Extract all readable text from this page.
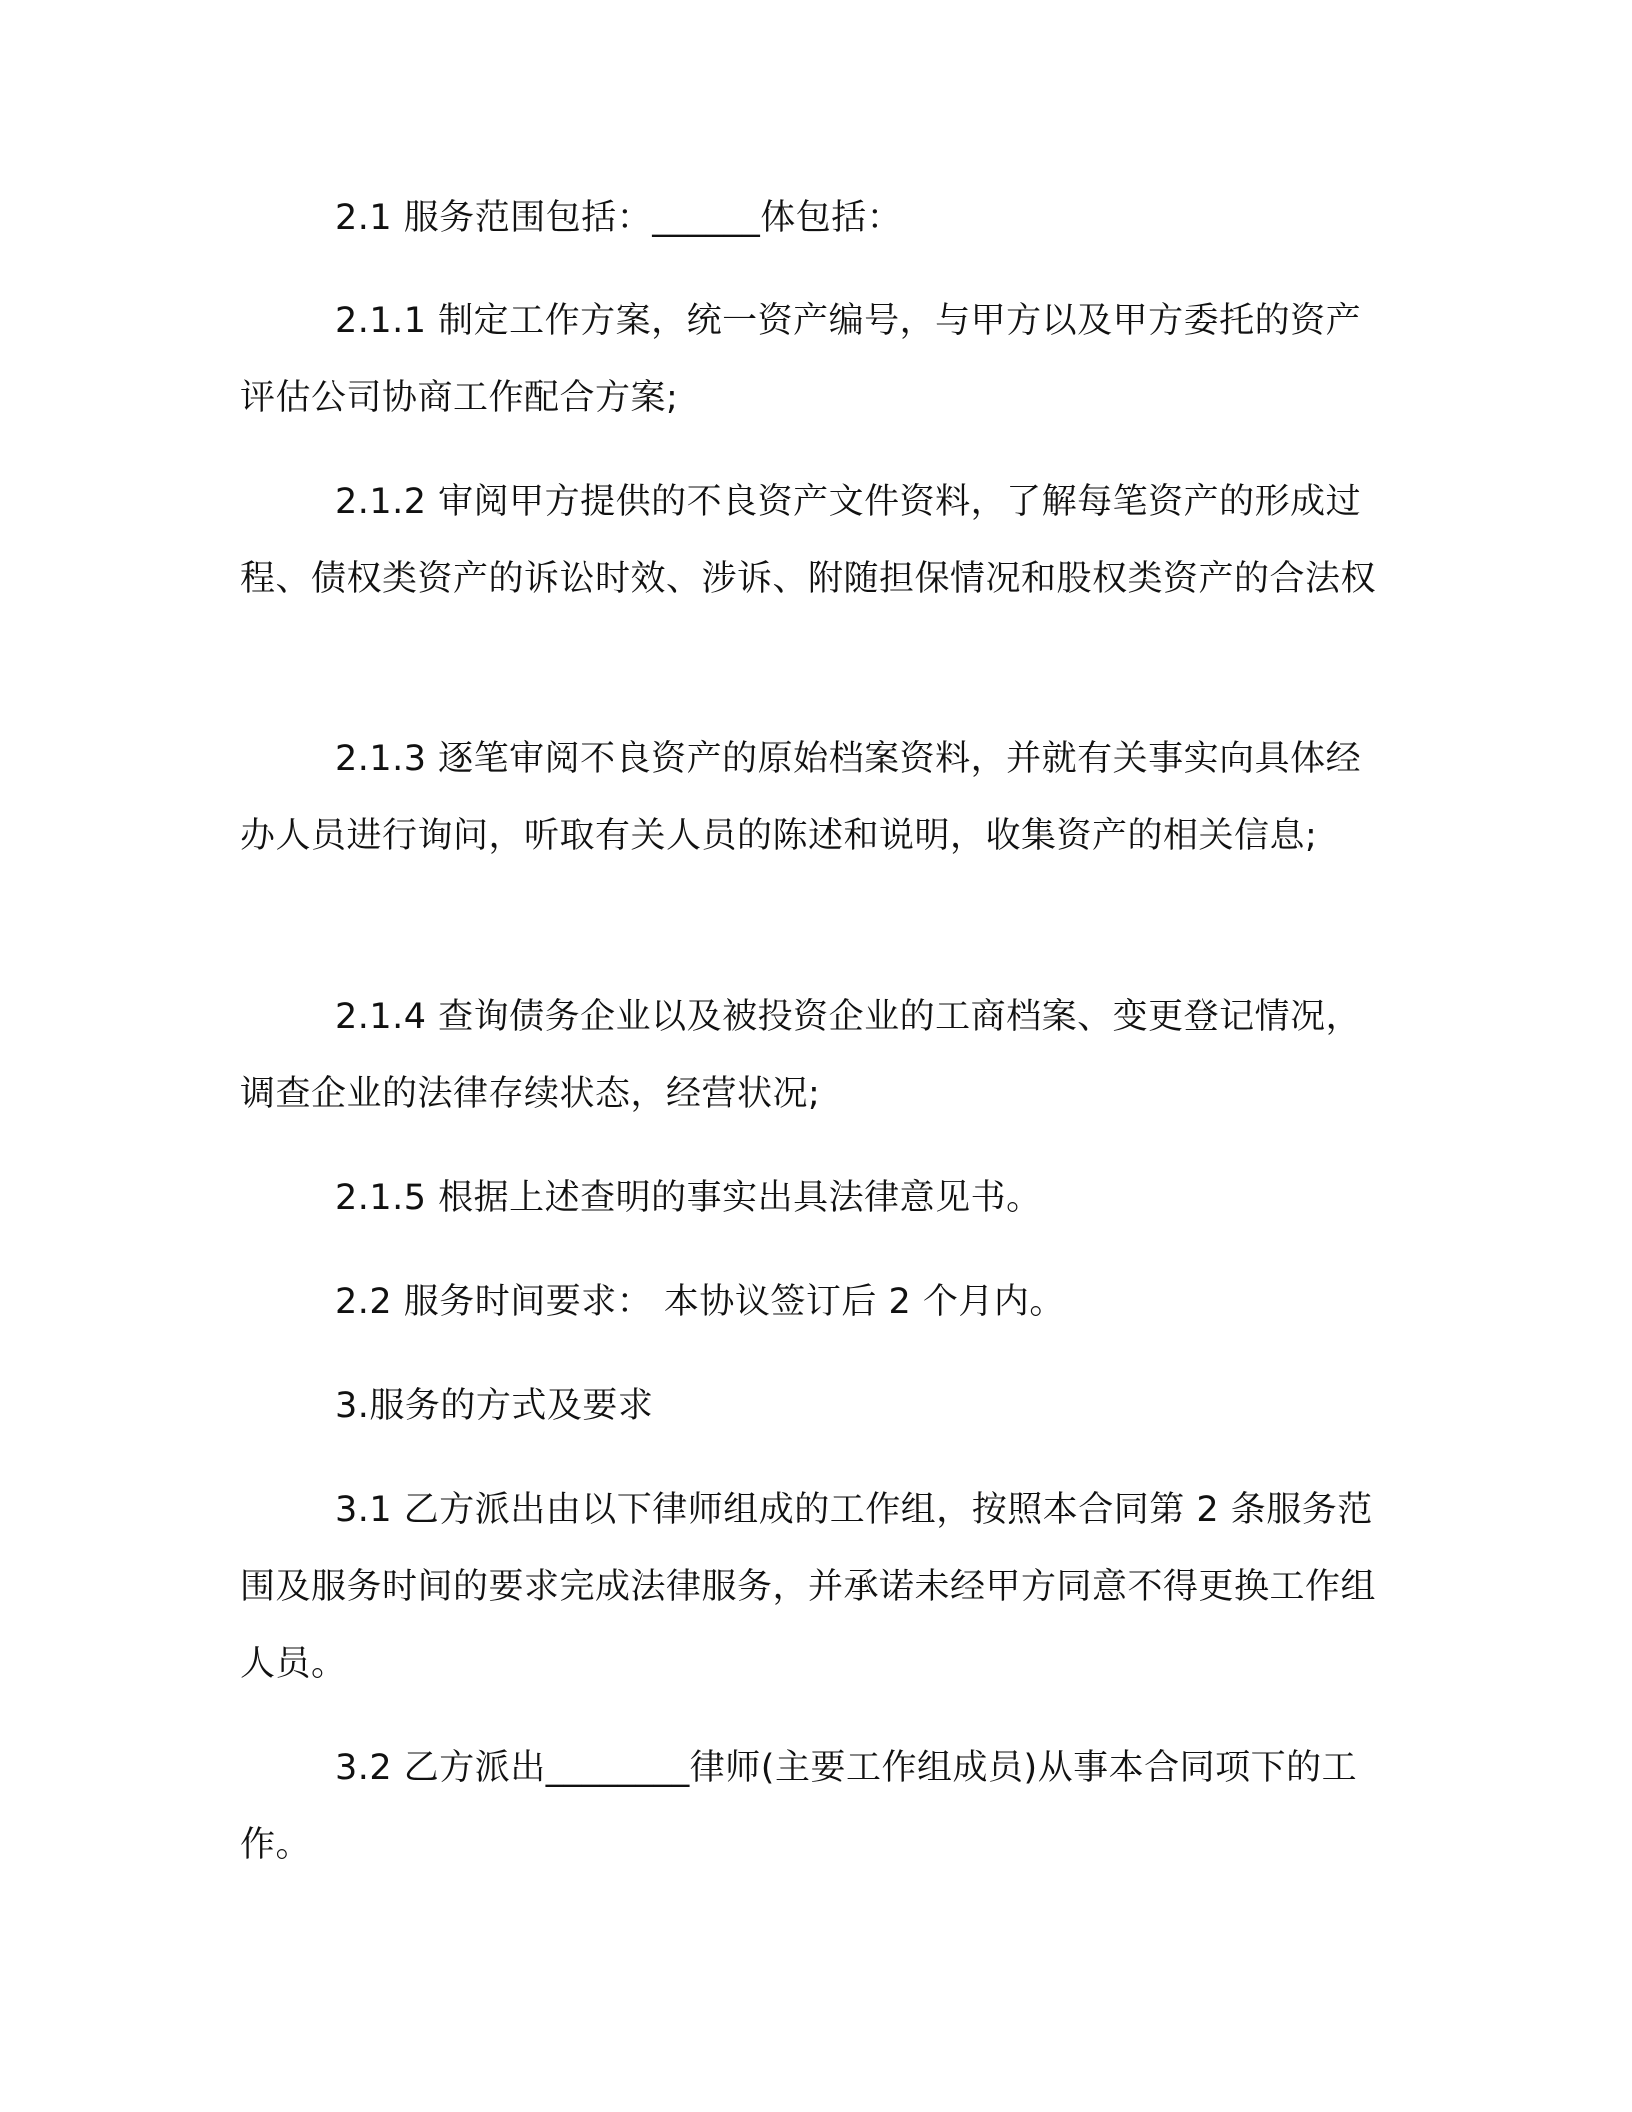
2.1 服务范围包括：______体包括：

2.1.1 制定工作方案，统一资产编号，与甲方以及甲方委托的资产评估公司协商工作配合方案;

2.1.2 审阅甲方提供的不良资产文件资料，了解每笔资产的形成过程、债权类资产的诉讼时效、涉诉、附随担保情况和股权类资产的合法权

2.1.3 逐笔审阅不良资产的原始档案资料，并就有关事实向具体经办人员进行询问，听取有关人员的陈述和说明，收集资产的相关信息;

2.1.4 查询债务企业以及被投资企业的工商档案、变更登记情况，调查企业的法律存续状态，经营状况;

2.1.5 根据上述查明的事实出具法律意见书。

2.2 服务时间要求： 本协议签订后 2 个月内。

3.服务的方式及要求

3.1 乙方派出由以下律师组成的工作组，按照本合同第 2 条服务范围及服务时间的要求完成法律服务，并承诺未经甲方同意不得更换工作组人员。

3.2 乙方派出________律师(主要工作组成员)从事本合同项下的工作。
